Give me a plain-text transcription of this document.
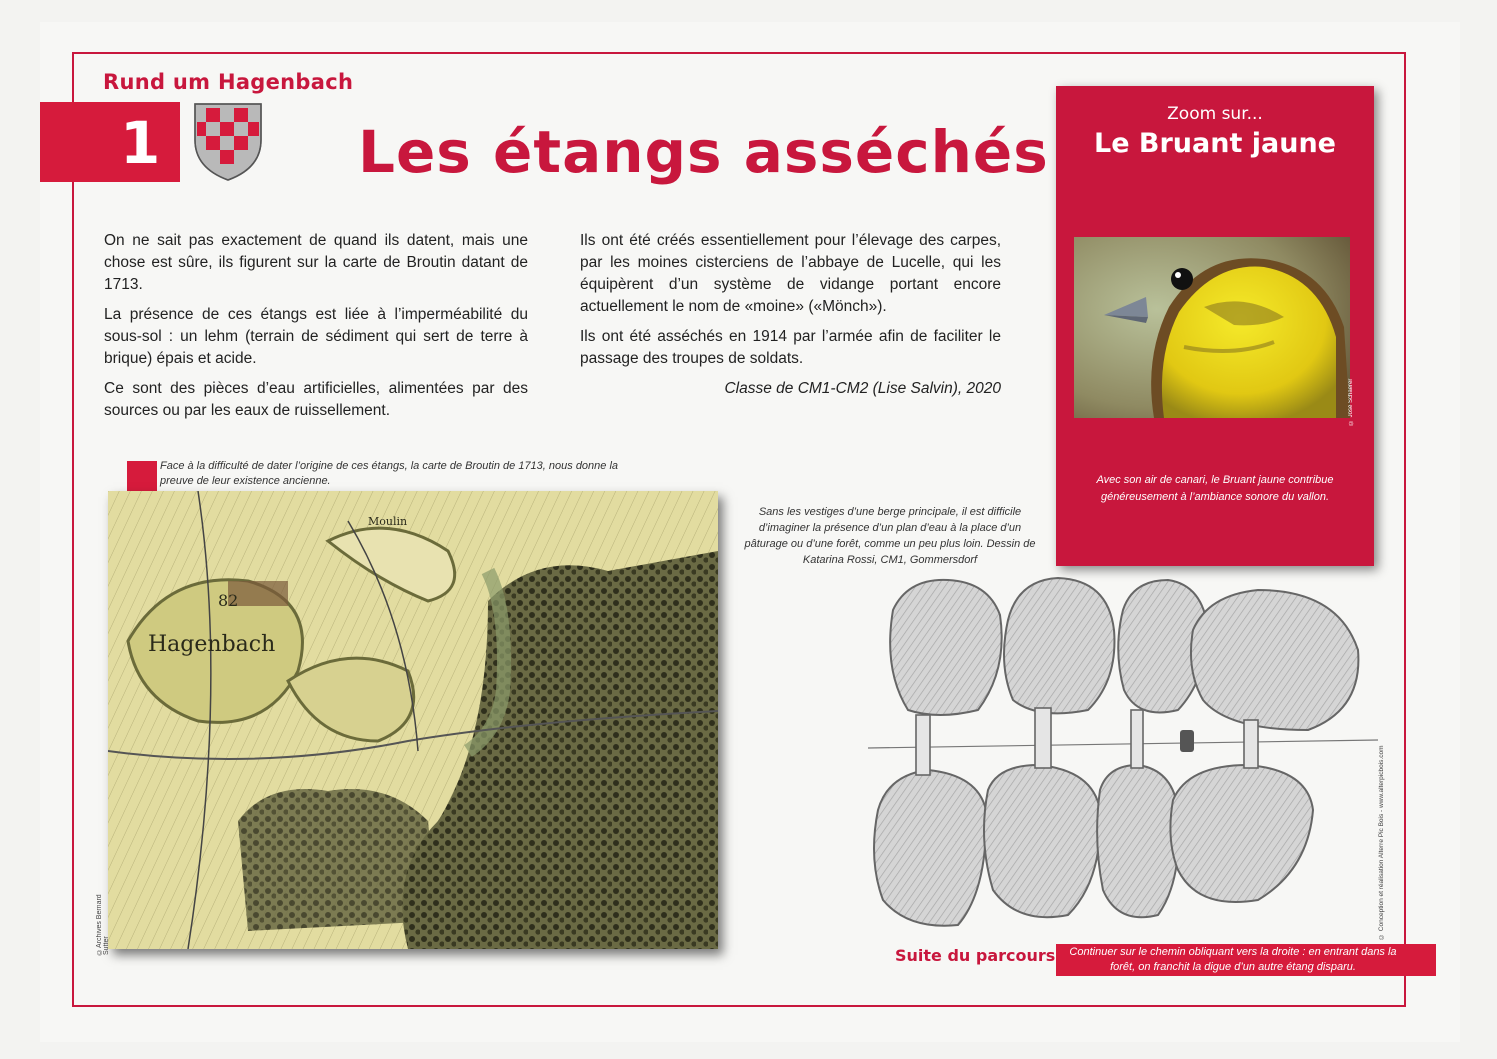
Rund um Hagenbach
1	Les étangs asséchés

On ne sait pas exactement de quand ils datent, mais une chose est sûre, ils figurent sur la carte de Broutin datant de 1713.

La présence de ces étangs est liée à l’imperméabilité du sous-sol : un lehm (terrain de sédiment qui sert de terre à brique) épais et acide.

Ce sont des pièces d’eau artificielles, alimentées par des sources ou par les eaux de ruissellement.

Ils ont été créés essentiellement pour l’élevage des carpes, par les moines cisterciens de l’abbaye de Lucelle, qui les équipèrent d’un système de vidange portant encore actuellement le nom de «moine» («Mönch»).

Ils ont été asséchés en 1914 par l’armée afin de faciliter le passage des troupes de soldats.

Classe de CM1-CM2 (Lise Salvin), 2020

Zoom sur...
Le Bruant jaune
Avec son air de canari, le Bruant jaune contribue généreusement à l’ambiance sonore du vallon.
© José Schaerer
Face à la difficulté de dater l’origine de ces étangs, la carte de Broutin de 1713, nous donne la preuve de leur existence ancienne.
Hagenbach
82
Moulin
©Archives Bernard Sutter
Sans les vestiges d’une berge principale, il est difficile d’imaginer la présence d’un plan d’eau à la place d’un pâturage ou d’une forêt, comme un peu plus loin. Dessin de Katarina Rossi, CM1, Gommersdorf
© Conception et réalisation Alterre Pic Bois - www.alterpicbois.com
Suite du parcours	Continuer sur le chemin obliquant vers la droite : en entrant dans la forêt, on franchit la digue d’un autre étang disparu.
